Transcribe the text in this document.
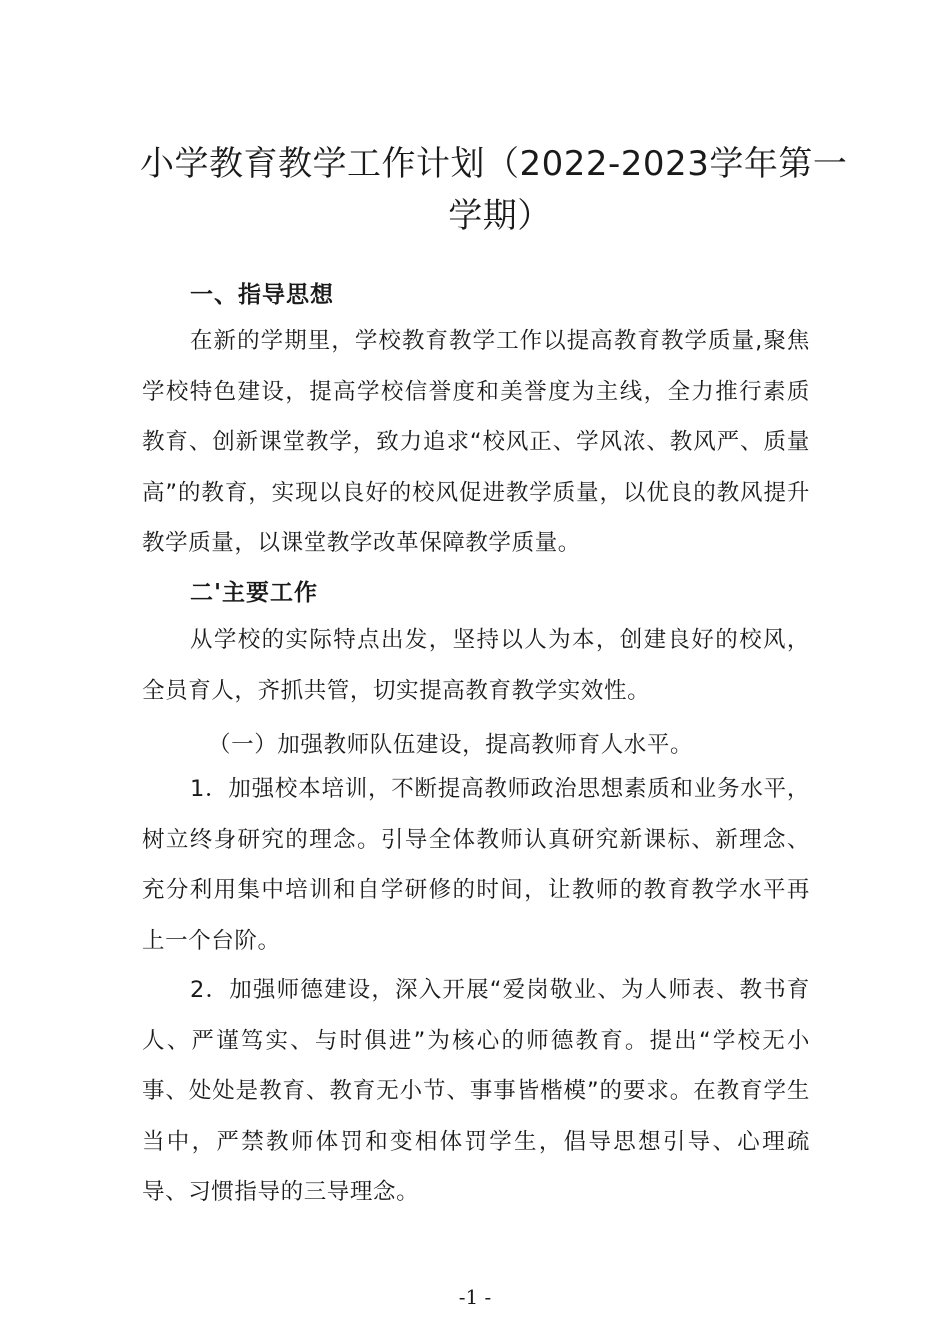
小学教育教学工作计划（2022-2023学年第一
学期）
一、指导思想
在新的学期里，学校教育教学工作以提高教育教学质量,聚焦学校特色建设，提高学校信誉度和美誉度为主线，全力推行素质教育、创新课堂教学，致力追求“校风正、学风浓、教风严、质量高”的教育，实现以良好的校风促进教学质量，以优良的教风提升教学质量，以课堂教学改革保障教学质量。
二'主要工作
从学校的实际特点出发，坚持以人为本，创建良好的校风，全员育人，齐抓共管，切实提高教育教学实效性。
（一）加强教师队伍建设，提高教师育人水平。
1．加强校本培训，不断提高教师政治思想素质和业务水平，树立终身研究的理念。引导全体教师认真研究新课标、新理念、充分利用集中培训和自学研修的时间，让教师的教育教学水平再上一个台阶。
2．加强师德建设，深入开展“爱岗敬业、为人师表、教书育人、严谨笃实、与时俱进”为核心的师德教育。提出“学校无小事、处处是教育、教育无小节、事事皆楷模”的要求。在教育学生当中，严禁教师体罚和变相体罚学生，倡导思想引导、心理疏导、习惯指导的三导理念。
-1 -
